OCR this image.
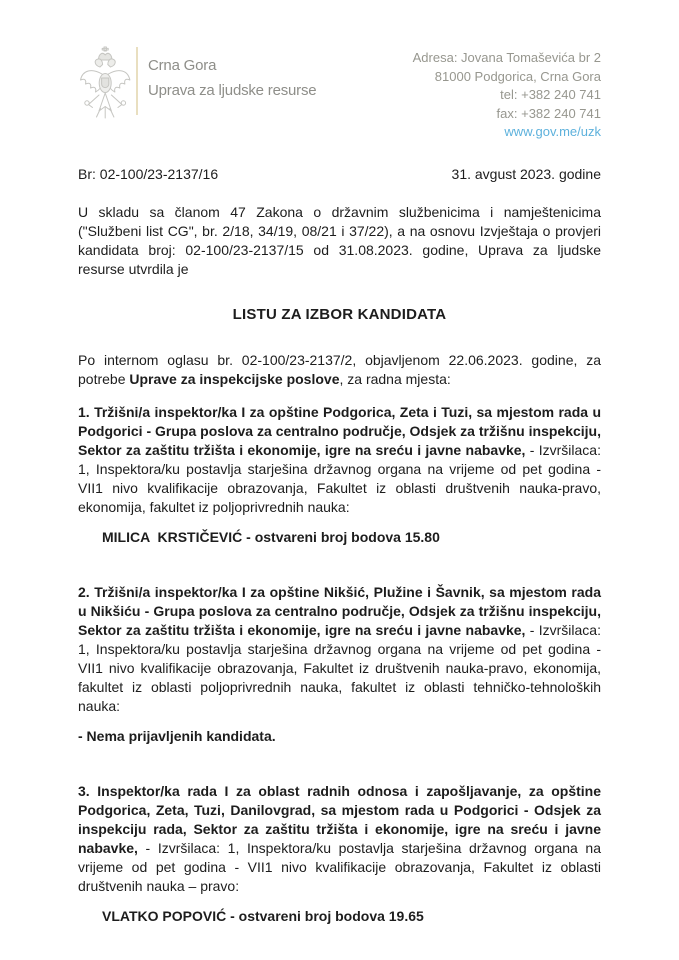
Crna Gora
Uprava za ljudske resurse
Adresa: Jovana Tomaševića br 2
81000 Podgorica, Crna Gora
tel: +382 240 741
fax: +382 240 741
www.gov.me/uzk
Br: 02-100/23-2137/16	31. avgust 2023. godine

U skladu sa članom 47 Zakona o državnim službenicima i namještenicima ("Službeni list CG", br. 2/18, 34/19, 08/21 i 37/22), a na osnovu Izvještaja o provjeri kandidata broj: 02-100/23-2137/15 od 31.08.2023. godine, Uprava za ljudske resurse utvrdila je

LISTU ZA IZBOR KANDIDATA

Po internom oglasu br. 02-100/23-2137/2, objavljenom 22.06.2023. godine, za potrebe Uprave za inspekcijske poslove, za radna mjesta:

1. Tržišni/a inspektor/ka I za opštine Podgorica, Zeta i Tuzi, sa mjestom rada u Podgorici - Grupa poslova za centralno područje, Odsjek za tržišnu inspekciju, Sektor za zaštitu tržišta i ekonomije, igre na sreću i javne nabavke, - Izvršilaca: 1, Inspektora/ku postavlja starješina državnog organa na vrijeme od pet godina - VII1 nivo kvalifikacije obrazovanja, Fakultet iz oblasti društvenih nauka-pravo, ekonomija, fakultet iz poljoprivrednih nauka:

MILICA  KRSTIČEVIĆ - ostvareni broj bodova 15.80

2. Tržišni/a inspektor/ka I za opštine Nikšić, Plužine i Šavnik, sa mjestom rada u Nikšiću - Grupa poslova za centralno područje, Odsjek za tržišnu inspekciju, Sektor za zaštitu tržišta i ekonomije, igre na sreću i javne nabavke, - Izvršilaca: 1, Inspektora/ku postavlja starješina državnog organa na vrijeme od pet godina - VII1 nivo kvalifikacije obrazovanja, Fakultet iz društvenih nauka-pravo, ekonomija, fakultet iz oblasti poljoprivrednih nauka, fakultet iz oblasti tehničko-tehnoloških nauka:

- Nema prijavljenih kandidata.

3. Inspektor/ka rada I za oblast radnih odnosa i zapošljavanje, za opštine Podgorica, Zeta, Tuzi, Danilovgrad, sa mjestom rada u Podgorici - Odsjek za inspekciju rada, Sektor za zaštitu tržišta i ekonomije, igre na sreću i javne nabavke, - Izvršilaca: 1, Inspektora/ku postavlja starješina državnog organa na vrijeme od pet godina - VII1 nivo kvalifikacije obrazovanja, Fakultet iz oblasti društvenih nauka – pravo:

VLATKO POPOVIĆ - ostvareni broj bodova 19.65
